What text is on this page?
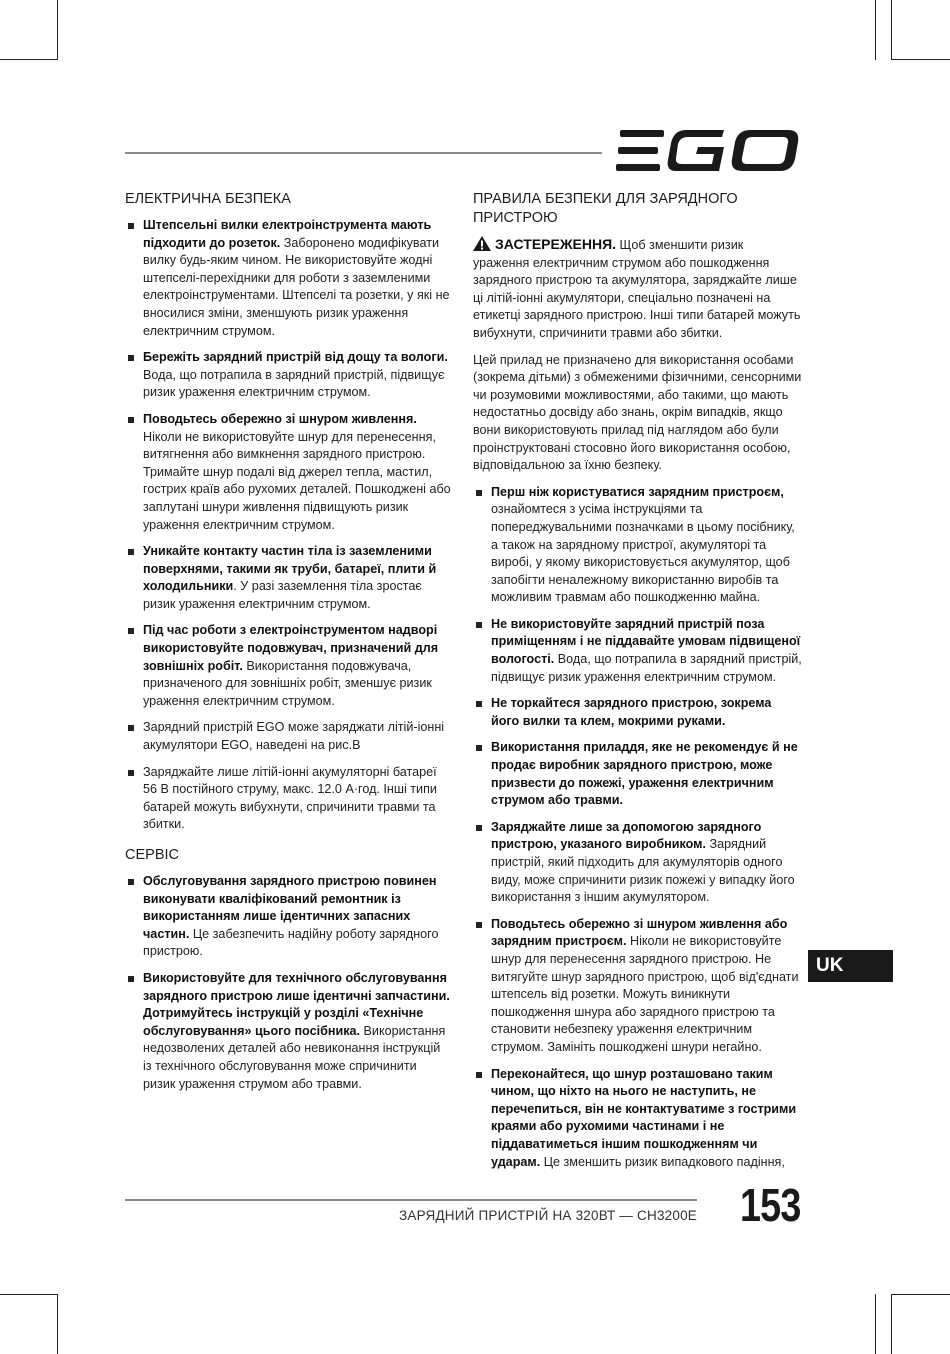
ЕЛЕКТРИЧНА БЕЗПЕКА
Штепсельні вилки електроінструмента мають підходити до розеток. Заборонено модифікувати вилку будь-яким чином. Не використовуйте жодні штепселі-перехідники для роботи з заземленими електроінструментами. Штепселі та розетки, у які не вносилися зміни, зменшують ризик ураження електричним струмом.
Бережіть зарядний пристрій від дощу та вологи. Вода, що потрапила в зарядний пристрій, підвищує ризик ураження електричним струмом.
Поводьтесь обережно зі шнуром живлення. Ніколи не використовуйте шнур для перенесення, витягнення або вимкнення зарядного пристрою. Тримайте шнур подалі від джерел тепла, мастил, гострих країв або рухомих деталей. Пошкоджені або заплутані шнури живлення підвищують ризик ураження електричним струмом.
Уникайте контакту частин тіла із заземленими поверхнями, такими як труби, батареї, плити й холодильники. У разі заземлення тіла зростає ризик ураження електричним струмом.
Під час роботи з електроінструментом надворі використовуйте подовжувач, призначений для зовнішніх робіт. Використання подовжувача, призначеного для зовнішніх робіт, зменшує ризик ураження електричним струмом.
Зарядний пристрій EGO може заряджати літій-іонні акумулятори EGO, наведені на рис.B
Заряджайте лише літій-іонні акумуляторні батареї 56 В постійного струму, макс. 12.0 А·год. Інші типи батарей можуть вибухнути, спричинити травми та збитки.
СЕРВІС
Обслуговування зарядного пристрою повинен виконувати кваліфікований ремонтник із використанням лише ідентичних запасних частин. Це забезпечить надійну роботу зарядного пристрою.
Використовуйте для технічного обслуговування зарядного пристрою лише ідентичні запчастини. Дотримуйтесь інструкцій у розділі «Технічне обслуговування» цього посібника. Використання недозволених деталей або невиконання інструкцій із технічного обслуговування може спричинити ризик ураження струмом або травми.
ПРАВИЛА БЕЗПЕКИ ДЛЯ ЗАРЯДНОГО ПРИСТРОЮ
ЗАСТЕРЕЖЕННЯ. Щоб зменшити ризик ураження електричним струмом або пошкодження зарядного пристрою та акумулятора, заряджайте лише ці літій-іонні акумулятори, спеціально позначені на етикетці зарядного пристрою. Інші типи батарей можуть вибухнути, спричинити травми або збитки.

Цей прилад не призначено для використання особами (зокрема дітьми) з обмеженими фізичними, сенсорними чи розумовими можливостями, або такими, що мають недостатньо досвіду або знань, окрім випадків, якщо вони використовують прилад під наглядом або були проінструктовані стосовно його використання особою, відповідальною за їхню безпеку.

Перш ніж користуватися зарядним пристроєм, ознайомтеся з усіма інструкціями та попереджувальними позначками в цьому посібнику, а також на зарядному пристрої, акумуляторі та виробі, у якому використовується акумулятор, щоб запобігти неналежному використанню виробів та можливим травмам або пошкодженню майна.
Не використовуйте зарядний пристрій поза приміщенням і не піддавайте умовам підвищеної вологості. Вода, що потрапила в зарядний пристрій, підвищує ризик ураження електричним струмом.
Не торкайтеся зарядного пристрою, зокрема його вилки та клем, мокрими руками.
Використання приладдя, яке не рекомендує й не продає виробник зарядного пристрою, може призвести до пожежі, ураження електричним струмом або травми.
Заряджайте лише за допомогою зарядного пристрою, указаного виробником. Зарядний пристрій, який підходить для акумуляторів одного виду, може спричинити ризик пожежі у випадку його використання з іншим акумулятором.
Поводьтесь обережно зі шнуром живлення або зарядним пристроєм. Ніколи не використовуйте шнур для перенесення зарядного пристрою. Не витягуйте шнур зарядного пристрою, щоб від'єднати штепсель від розетки. Можуть виникнути пошкодження шнура або зарядного пристрою та становити небезпеку ураження електричним струмом. Замініть пошкоджені шнури негайно.
Переконайтеся, що шнур розташовано таким чином, що ніхто на нього не наступить, не перечепиться, він не контактуватиме з гострими краями або рухомими частинами і не піддаватиметься іншим пошкодженням чи ударам. Це зменшить ризик випадкового падіння,
UK
ЗАРЯДНИЙ ПРИСТРІЙ НА 320ВТ — CH3200E 153
